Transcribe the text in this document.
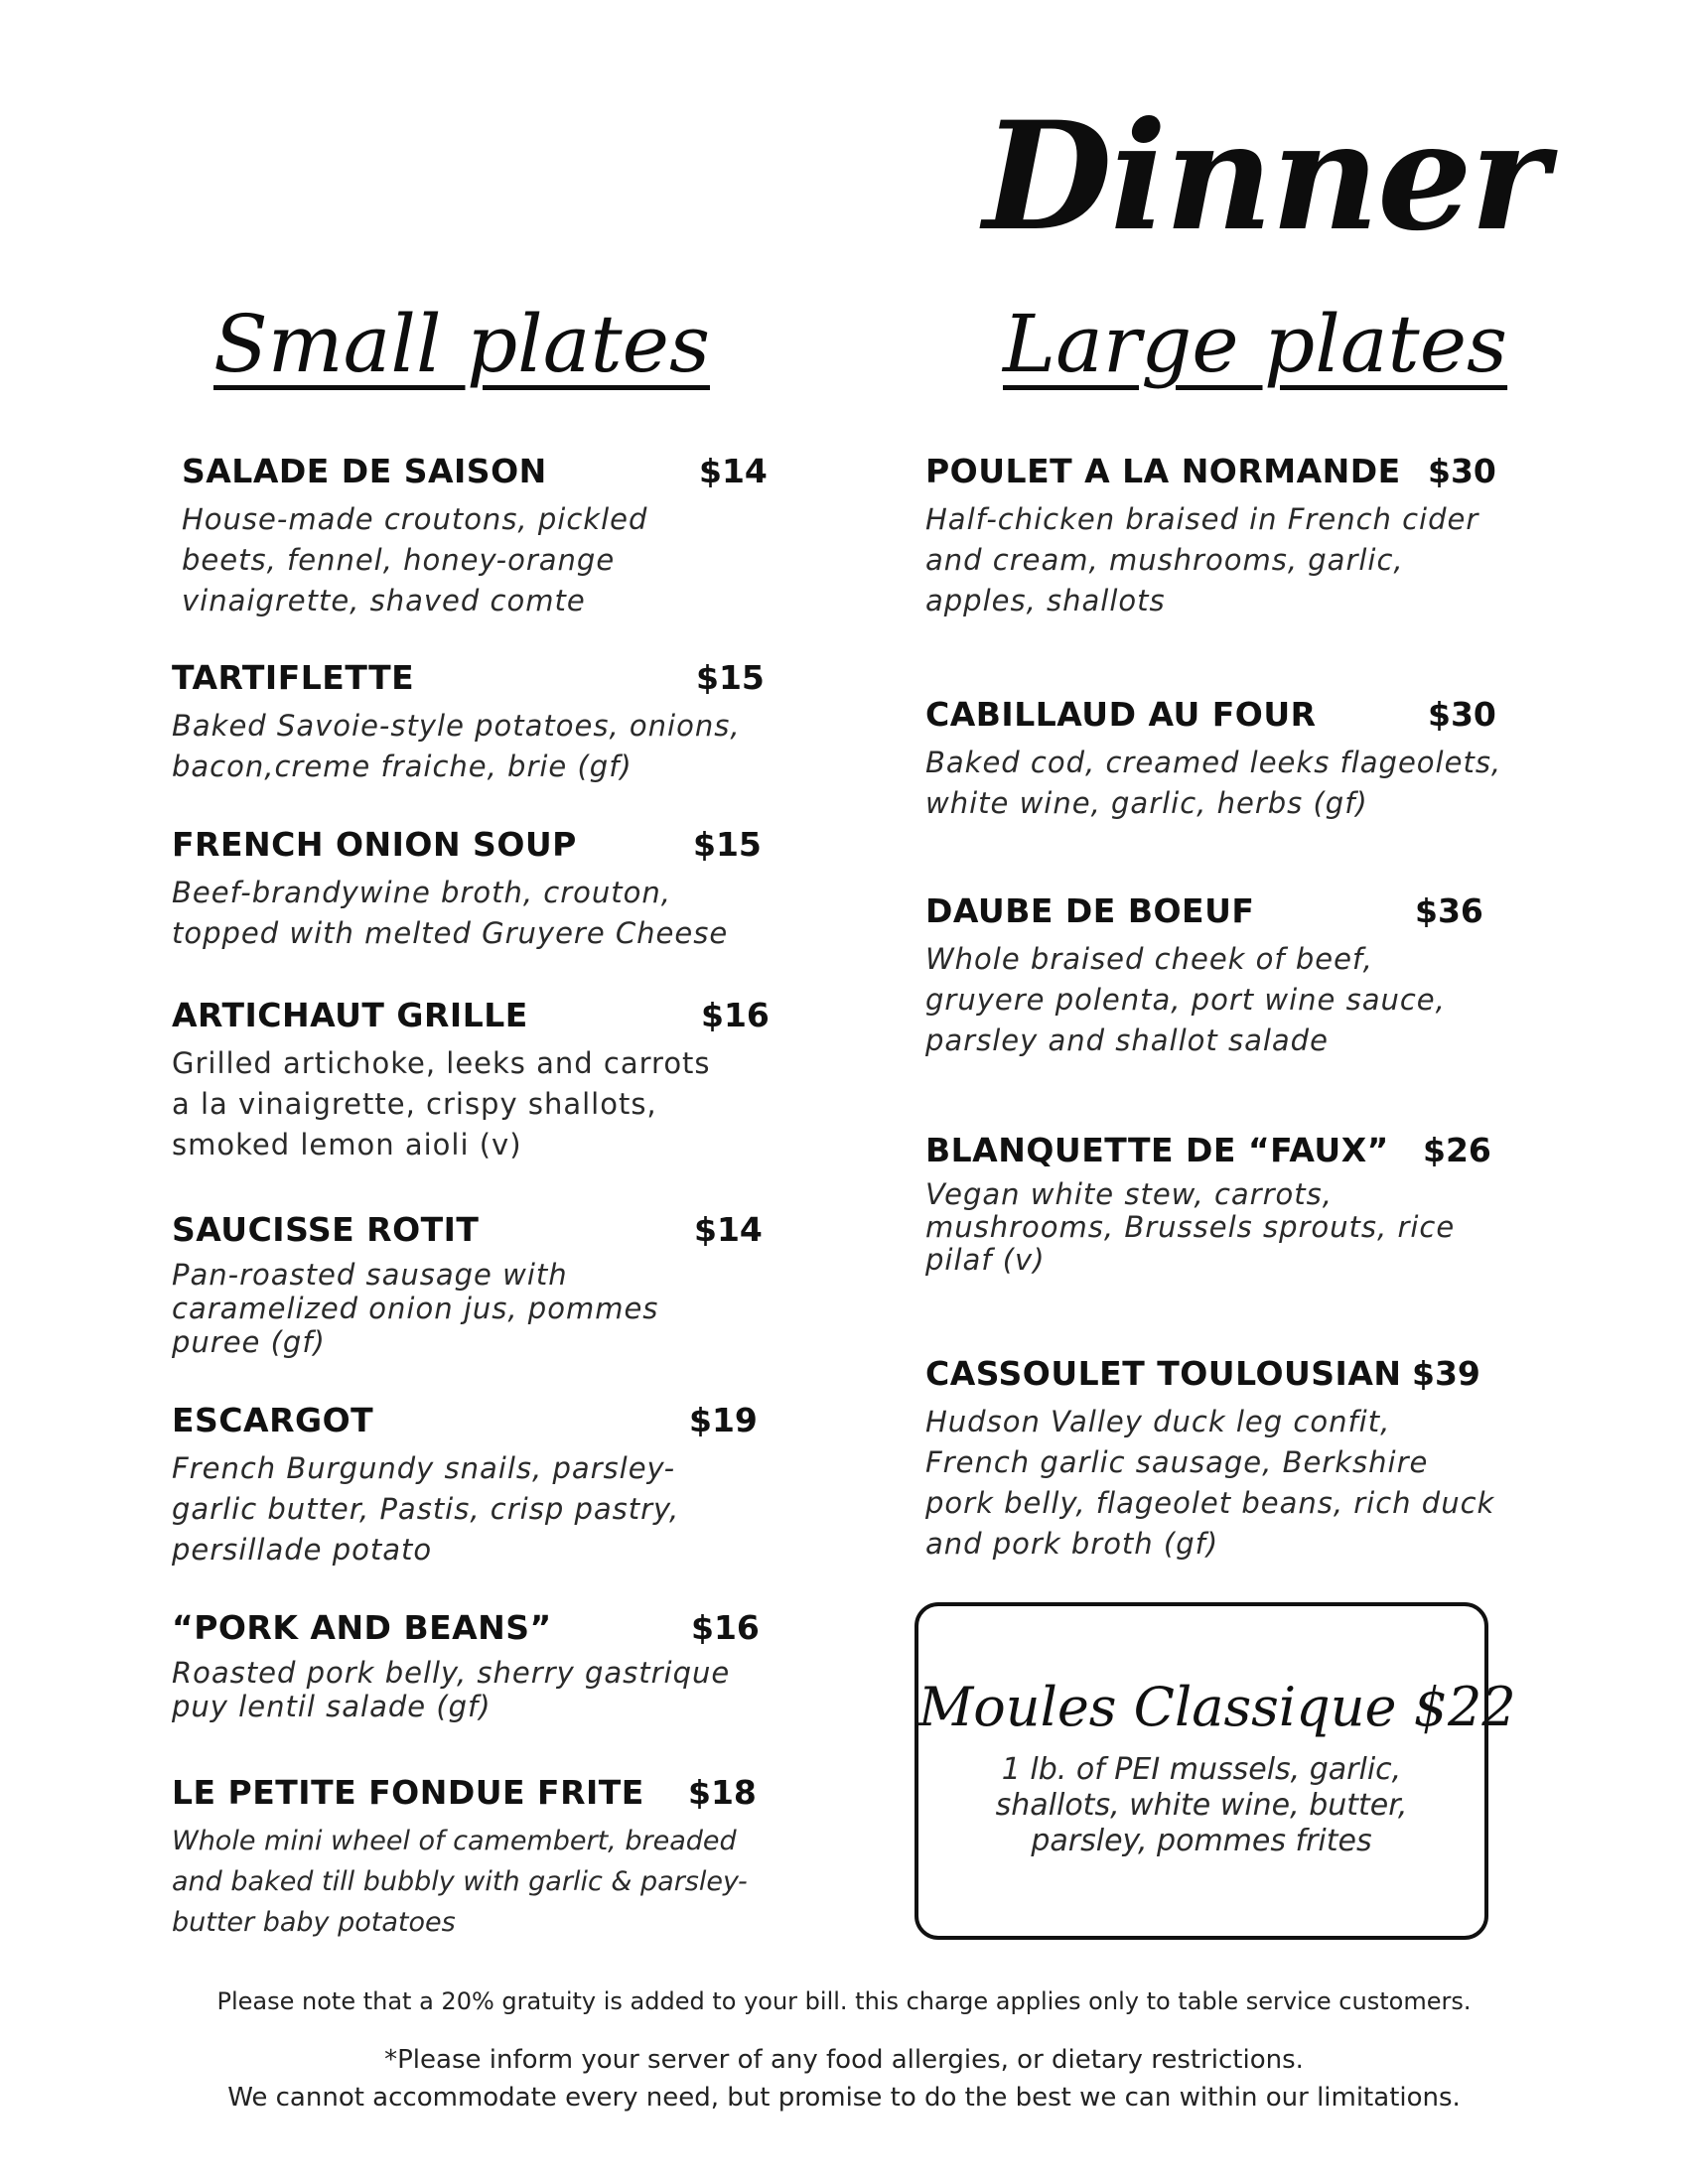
Dinner
Small plates	Large plates
SALADE DE SAISON	$14
House-made croutons, pickled beets, fennel, honey-orange vinaigrette, shaved comte
TARTIFLETTE	$15
Baked Savoie-style potatoes, onions, bacon,creme fraiche, brie (gf)
FRENCH ONION SOUP	$15
Beef-brandywine broth, crouton, topped with melted Gruyere Cheese
ARTICHAUT GRILLE	$16
Grilled artichoke, leeks and carrots a la vinaigrette, crispy shallots, smoked lemon aioli (v)
SAUCISSE ROTIT	$14
Pan-roasted sausage with caramelized onion jus, pommes puree (gf)
ESCARGOT	$19
French Burgundy snails, parsley-garlic butter, Pastis, crisp pastry, persillade potato
“PORK AND BEANS”	$16
Roasted pork belly, sherry gastrique puy lentil salade (gf)
LE PETITE FONDUE FRITE $18
Whole mini wheel of camembert, breaded and baked till bubbly with garlic & parsley-butter baby potatoes
POULET A LA NORMANDE $30
Half-chicken braised in French cider and cream, mushrooms, garlic, apples, shallots
CABILLAUD AU FOUR	$30
Baked cod, creamed leeks flageolets, white wine, garlic, herbs (gf)
DAUBE DE BOEUF	$36
Whole braised cheek of beef, gruyere polenta, port wine sauce, parsley and shallot salade
BLANQUETTE DE “FAUX” $26
Vegan white stew, carrots, mushrooms, Brussels sprouts, rice pilaf (v)
CASSOULET TOULOUSIAN $39
Hudson Valley duck leg confit, French garlic sausage, Berkshire pork belly, flageolet beans, rich duck and pork broth (gf)
Moules Classique $22
1 lb. of PEI mussels, garlic, shallots, white wine, butter, parsley, pommes frites
Please note that a 20% gratuity is added to your bill. this charge applies only to table service customers.
*Please inform your server of any food allergies, or dietary restrictions.
We cannot accommodate every need, but promise to do the best we can within our limitations.
